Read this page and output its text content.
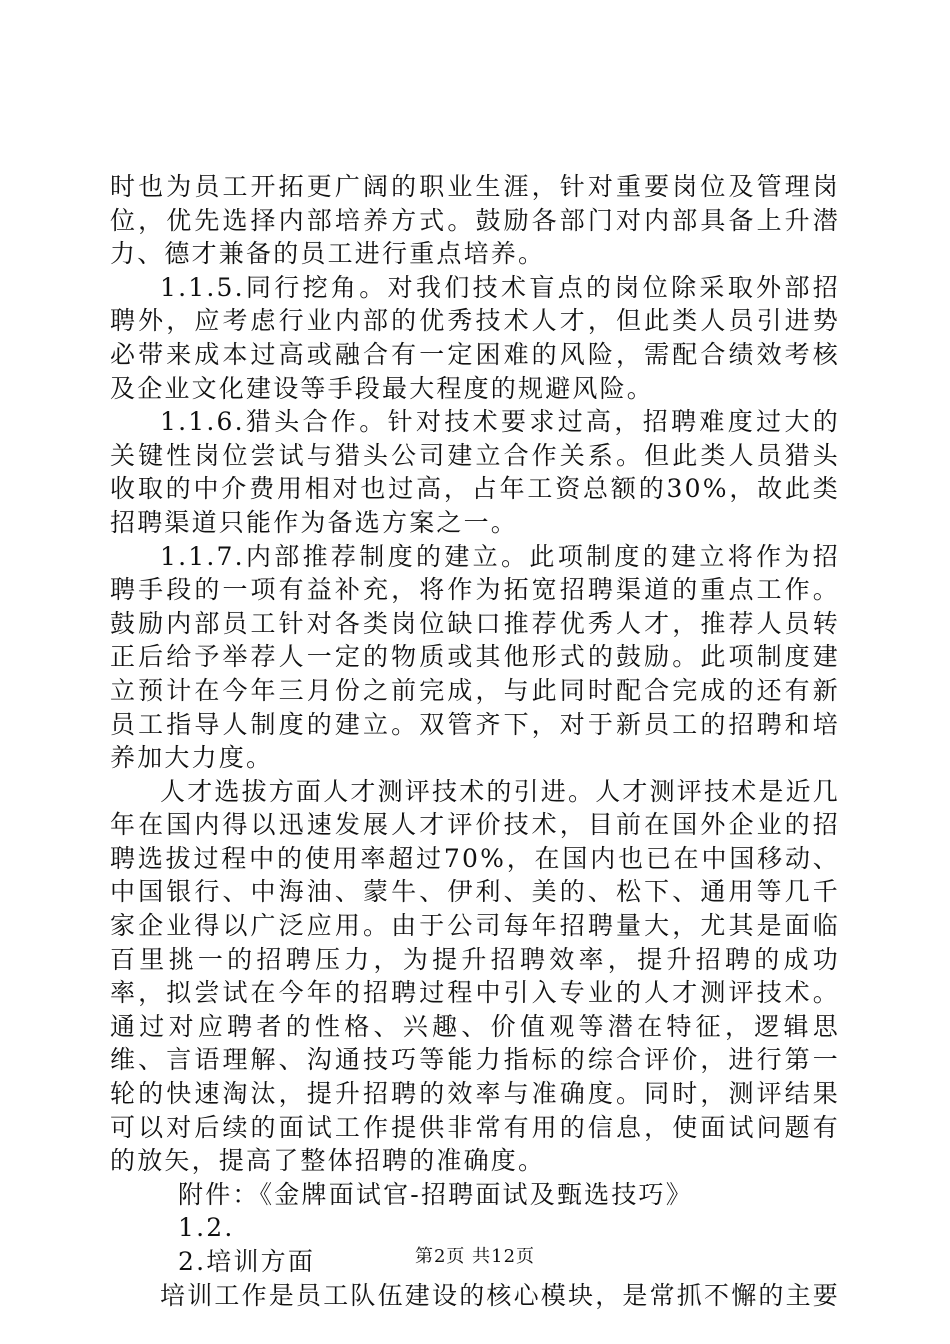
时也为员工开拓更广阔的职业生涯，针对重要岗位及管理岗位，优先选择内部培养方式。鼓励各部门对内部具备上升潜力、德才兼备的员工进行重点培养。

1.1.5.同行挖角。对我们技术盲点的岗位除采取外部招聘外，应考虑行业内部的优秀技术人才，但此类人员引进势必带来成本过高或融合有一定困难的风险，需配合绩效考核及企业文化建设等手段最大程度的规避风险。

1.1.6.猎头合作。针对技术要求过高，招聘难度过大的关键性岗位尝试与猎头公司建立合作关系。但此类人员猎头收取的中介费用相对也过高，占年工资总额的30%，故此类招聘渠道只能作为备选方案之一。

1.1.7.内部推荐制度的建立。此项制度的建立将作为招聘手段的一项有益补充，将作为拓宽招聘渠道的重点工作。鼓励内部员工针对各类岗位缺口推荐优秀人才，推荐人员转正后给予举荐人一定的物质或其他形式的鼓励。此项制度建立预计在今年三月份之前完成，与此同时配合完成的还有新员工指导人制度的建立。双管齐下，对于新员工的招聘和培养加大力度。

人才选拔方面人才测评技术的引进。人才测评技术是近几年在国内得以迅速发展人才评价技术，目前在国外企业的招聘选拔过程中的使用率超过70%，在国内也已在中国移动、中国银行、中海油、蒙牛、伊利、美的、松下、通用等几千家企业得以广泛应用。由于公司每年招聘量大，尤其是面临百里挑一的招聘压力，为提升招聘效率，提升招聘的成功率，拟尝试在今年的招聘过程中引入专业的人才测评技术。通过对应聘者的性格、兴趣、价值观等潜在特征，逻辑思维、言语理解、沟通技巧等能力指标的综合评价，进行第一轮的快速淘汰，提升招聘的效率与准确度。同时，测评结果可以对后续的面试工作提供非常有用的信息，使面试问题有的放矢，提高了整体招聘的准确度。

附件：《金牌面试官-招聘面试及甄选技巧》

1.2.

2.培训方面

培训工作是员工队伍建设的核心模块，是常抓不懈的主要

第2页 共12页
